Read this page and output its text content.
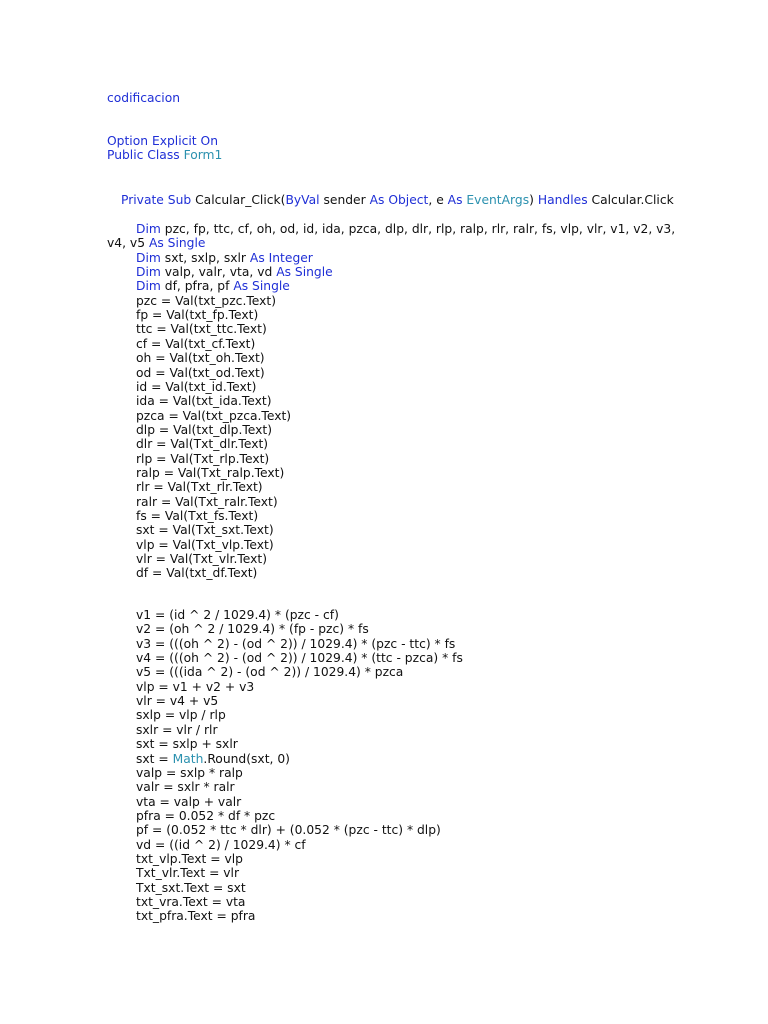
codificacion
Option Explicit On
Public Class Form1
Private Sub Calcular_Click(ByVal sender As Object, e As EventArgs) Handles Calcular.Click
Dim pzc, fp, ttc, cf, oh, od, id, ida, pzca, dlp, dlr, rlp, ralp, rlr, ralr, fs, vlp, vlr, v1, v2, v3,
v4, v5 As Single
Dim sxt, sxlp, sxlr As Integer
Dim valp, valr, vta, vd As Single
Dim df, pfra, pf As Single
pzc = Val(txt_pzc.Text)
fp = Val(txt_fp.Text)
ttc = Val(txt_ttc.Text)
cf = Val(txt_cf.Text)
oh = Val(txt_oh.Text)
od = Val(txt_od.Text)
id = Val(txt_id.Text)
ida = Val(txt_ida.Text)
pzca = Val(txt_pzca.Text)
dlp = Val(txt_dlp.Text)
dlr = Val(Txt_dlr.Text)
rlp = Val(Txt_rlp.Text)
ralp = Val(Txt_ralp.Text)
rlr = Val(Txt_rlr.Text)
ralr = Val(Txt_ralr.Text)
fs = Val(Txt_fs.Text)
sxt = Val(Txt_sxt.Text)
vlp = Val(Txt_vlp.Text)
vlr = Val(Txt_vlr.Text)
df = Val(txt_df.Text)
v1 = (id ^ 2 / 1029.4) * (pzc - cf)
v2 = (oh ^ 2 / 1029.4) * (fp - pzc) * fs
v3 = (((oh ^ 2) - (od ^ 2)) / 1029.4) * (pzc - ttc) * fs
v4 = (((oh ^ 2) - (od ^ 2)) / 1029.4) * (ttc - pzca) * fs
v5 = (((ida ^ 2) - (od ^ 2)) / 1029.4) * pzca
vlp = v1 + v2 + v3
vlr = v4 + v5
sxlp = vlp / rlp
sxlr = vlr / rlr
sxt = sxlp + sxlr
sxt = Math.Round(sxt, 0)
valp = sxlp * ralp
valr = sxlr * ralr
vta = valp + valr
pfra = 0.052 * df * pzc
pf = (0.052 * ttc * dlr) + (0.052 * (pzc - ttc) * dlp)
vd = ((id ^ 2) / 1029.4) * cf
txt_vlp.Text = vlp
Txt_vlr.Text = vlr
Txt_sxt.Text = sxt
txt_vra.Text = vta
txt_pfra.Text = pfra
